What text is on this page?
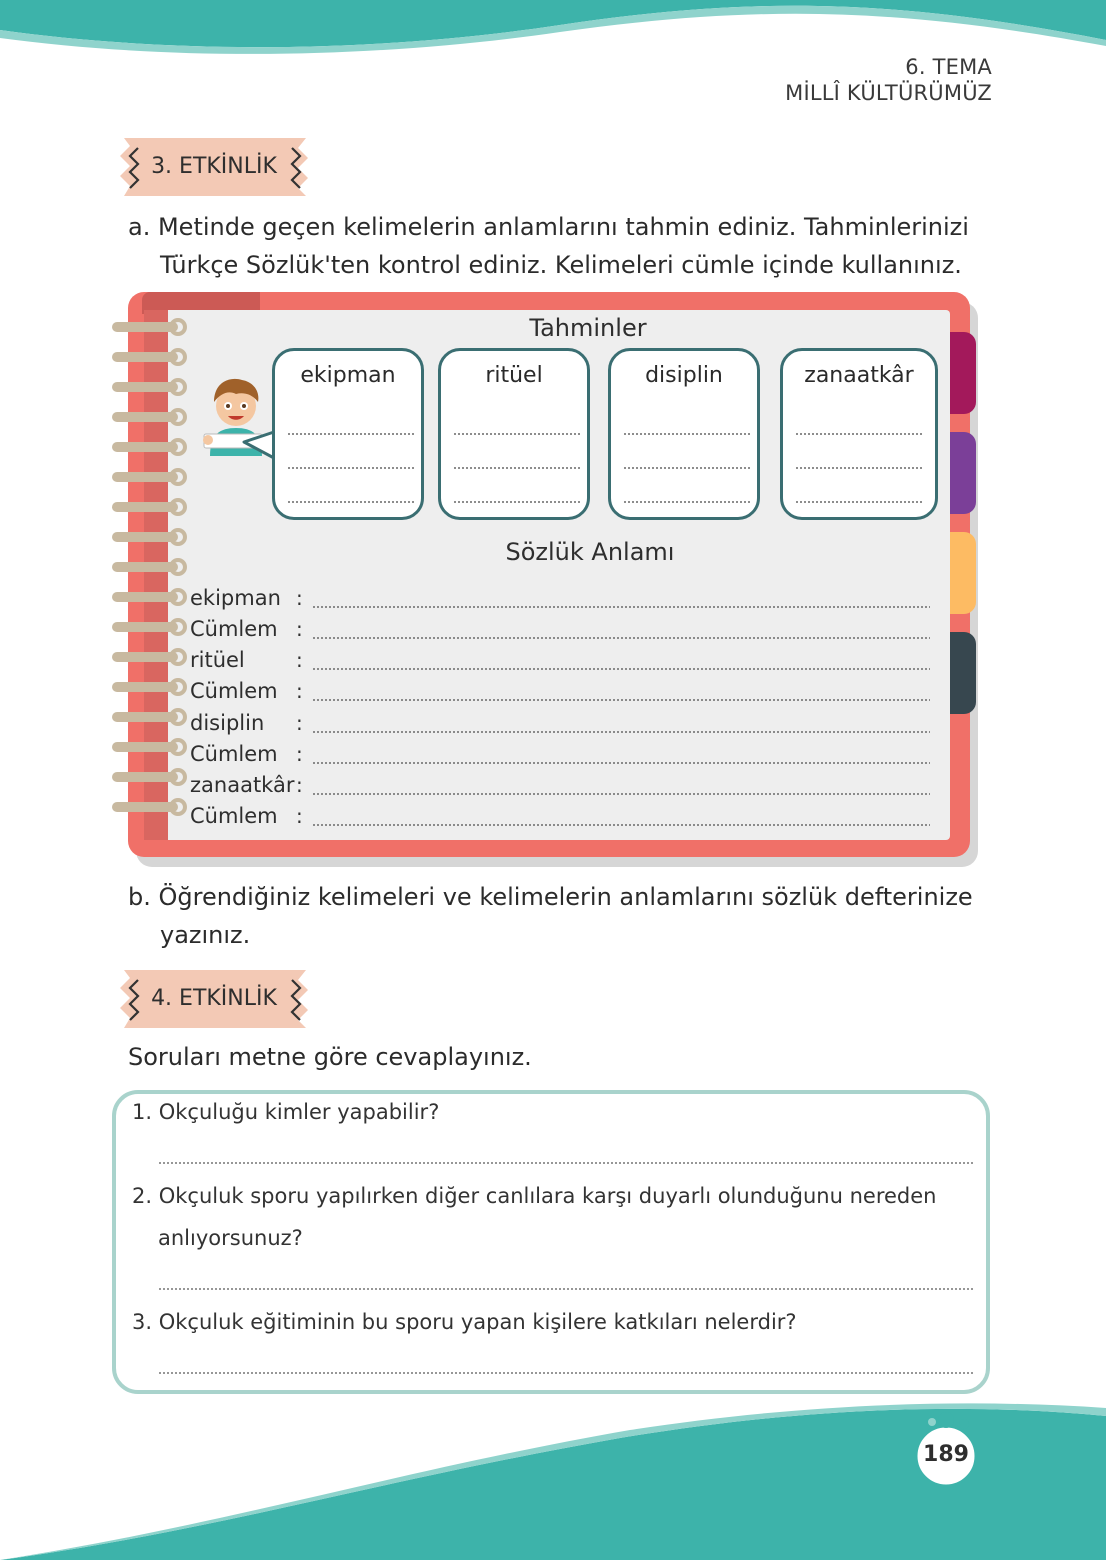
6. TEMA
MİLLÎ KÜLTÜRÜMÜZ
3. ETKİNLİK
a. Metinde geçen kelimelerin anlamlarını tahmin ediniz. Tahminlerinizi
Türkçe Sözlük'ten kontrol ediniz. Kelimeleri cümle içinde kullanınız.
Tahminler
ekipman	ritüel	disiplin	zanaatkâr
Sözlük Anlamı
ekipman :
Cümlem :
ritüel	:
Cümlem :
disiplin :
Cümlem :
zanaatkâr :
Cümlem :
b. Öğrendiğiniz kelimeleri ve kelimelerin anlamlarını sözlük defterinize
yazınız.
4. ETKİNLİK
Soruları metne göre cevaplayınız.
1. Okçuluğu kimler yapabilir?
2. Okçuluk sporu yapılırken diğer canlılara karşı duyarlı olunduğunu nereden
anlıyorsunuz?
3. Okçuluk eğitiminin bu sporu yapan kişilere katkıları nelerdir?
189
